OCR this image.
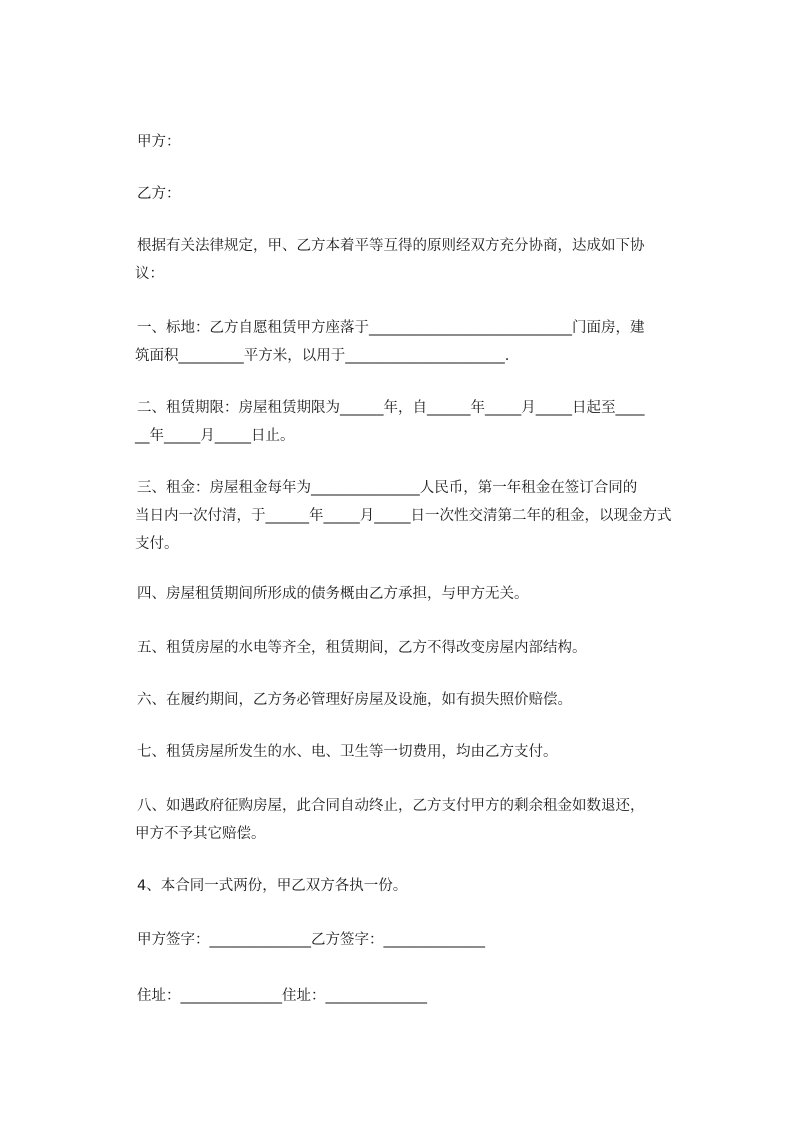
甲方：

乙方：

根据有关法律规定，甲、乙方本着平等互得的原则经双方充分协商，达成如下协
议：

一、标地：乙方自愿租赁甲方座落于____________________________门面房，建
筑面积_________平方米，以用于______________________.

二、租赁期限：房屋租赁期限为______年，自______年_____月_____日起至____
__年_____月_____日止。

三、租金：房屋租金每年为_______________人民币，第一年租金在签订合同的
当日内一次付清，于______年_____月_____日一次性交清第二年的租金，以现金方式
支付。

四、房屋租赁期间所形成的债务概由乙方承担，与甲方无关。

五、租赁房屋的水电等齐全，租赁期间，乙方不得改变房屋内部结构。

六、在履约期间，乙方务必管理好房屋及设施，如有损失照价赔偿。

七、租赁房屋所发生的水、电、卫生等一切费用，均由乙方支付。

八、如遇政府征购房屋，此合同自动终止，乙方支付甲方的剩余租金如数退还，
甲方不予其它赔偿。

4、本合同一式两份，甲乙双方各执一份。

甲方签字：______________乙方签字：______________

住址：______________住址：______________
